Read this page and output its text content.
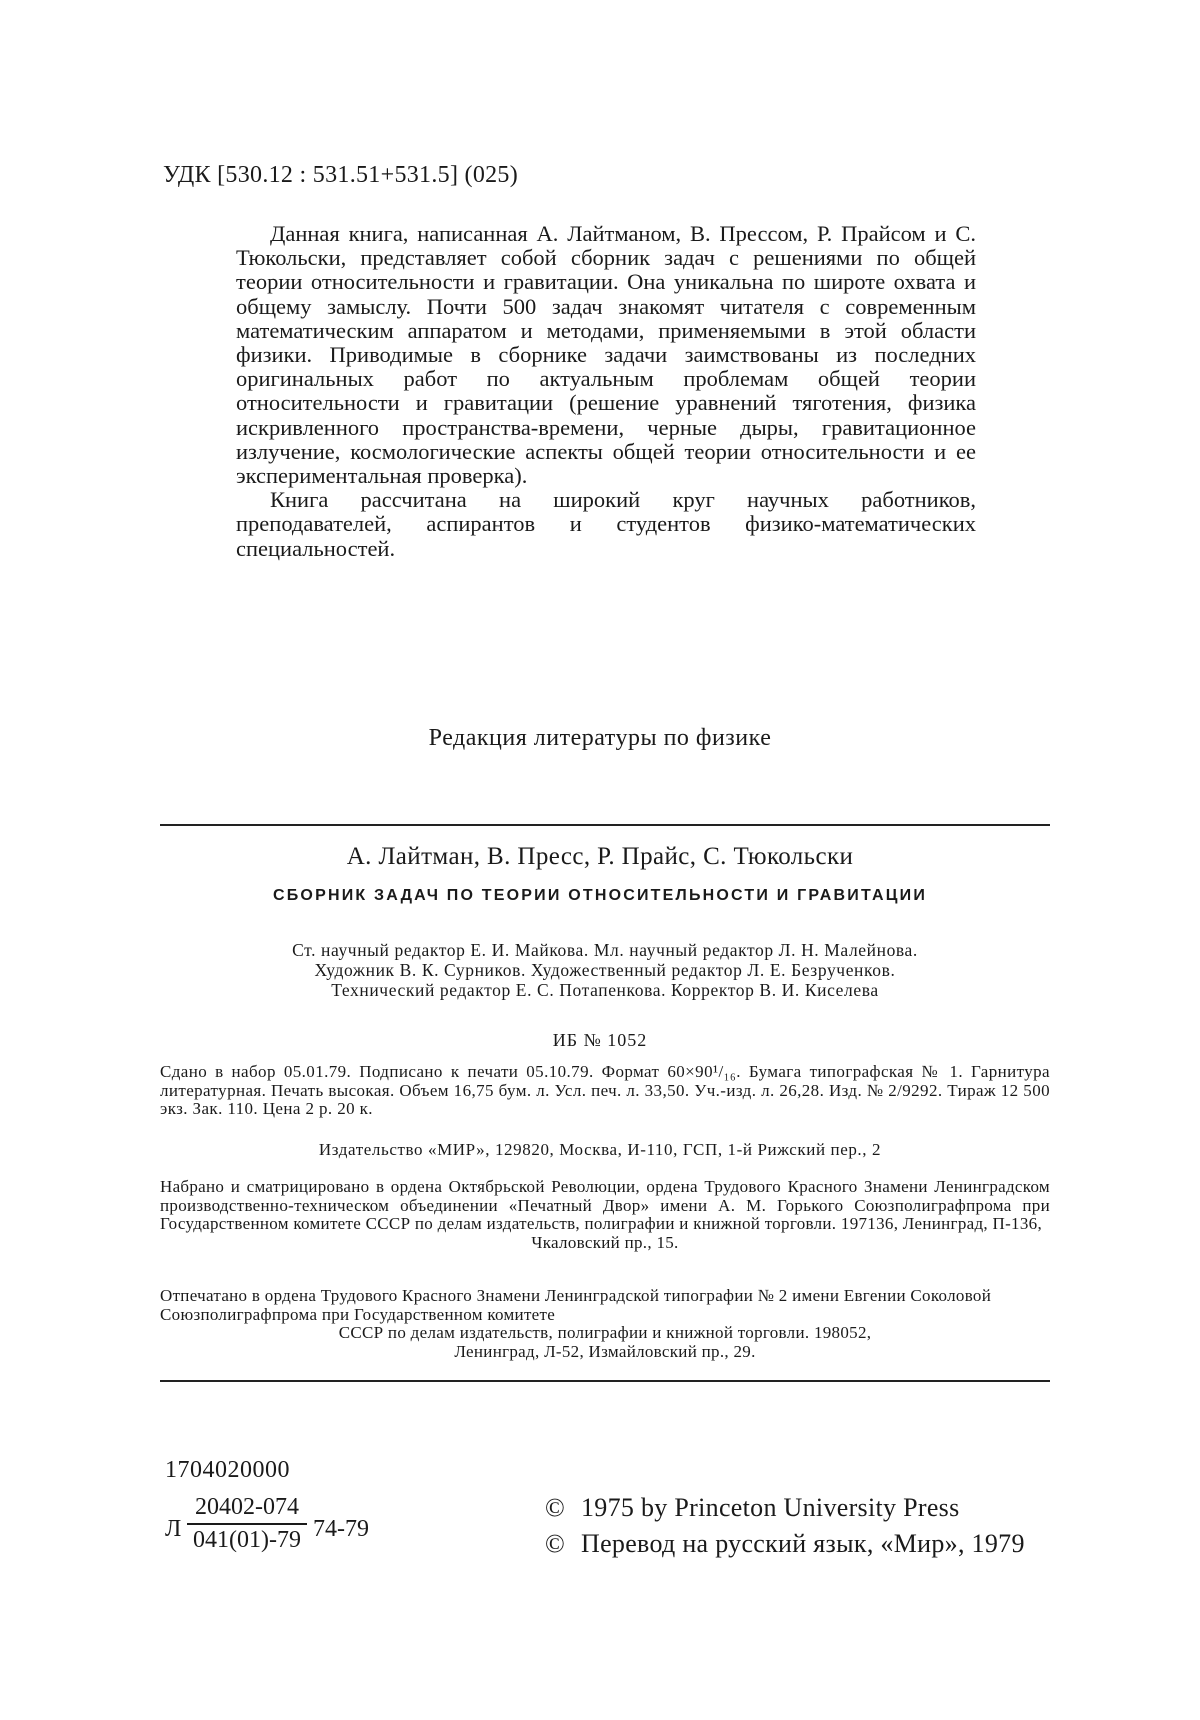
УДК [530.12 : 531.51+531.5] (025)

Данная книга, написанная А. Лайтманом, В. Прессом, Р. Прайсом и С. Тюкольски, представляет собой сборник задач с решениями по общей теории относительности и гравитации. Она уникальна по широте охвата и общему замыслу. Почти 500 задач знакомят читателя с современным математическим аппаратом и методами, применяемыми в этой области физики. Приводимые в сборнике задачи заимствованы из последних оригинальных работ по актуальным проблемам общей теории относительности и гравитации (решение уравнений тяготения, физика искривленного пространства-времени, черные дыры, гравитационное излучение, космологические аспекты общей теории относительности и ее экспериментальная проверка).

Книга рассчитана на широкий круг научных работников, преподавателей, аспирантов и студентов физико-математических специальностей.

Редакция литературы по физике
А. Лайтман, В. Пресс, Р. Прайс, С. Тюкольски
СБОРНИК ЗАДАЧ ПО ТЕОРИИ ОТНОСИТЕЛЬНОСТИ И ГРАВИТАЦИИ
Ст. научный редактор Е. И. Майкова. Мл. научный редактор Л. Н. Малейнова.
Художник В. К. Сурников. Художественный редактор Л. Е. Безрученков.
Технический редактор Е. С. Потапенкова. Корректор В. И. Киселева
ИБ № 1052
Сдано в набор 05.01.79. Подписано к печати 05.10.79. Формат 60×90¹/₁₆. Бумага типографская № 1. Гарнитура литературная. Печать высокая. Объем 16,75 бум. л. Усл. печ. л. 33,50. Уч.-изд. л. 26,28. Изд. № 2/9292. Тираж 12 500 экз. Зак. 110. Цена 2 р. 20 к.
Издательство «МИР», 129820, Москва, И-110, ГСП, 1-й Рижский пер., 2
Набрано и сматрицировано в ордена Октябрьской Революции, ордена Трудового Красного Знамени Ленинградском производственно-техническом объединении «Печатный Двор» имени А. М. Горького Союзполиграфпрома при Государственном комитете СССР по делам издательств, полиграфии и книжной торговли. 197136, Ленинград, П-136,
Чкаловский пр., 15.
Отпечатано в ордена Трудового Красного Знамени Ленинградской типографии № 2 имени Евгении Соколовой Союзполиграфпрома при Государственном комитете
СССР по делам издательств, полиграфии и книжной торговли. 198052,
Ленинград, Л-52, Измайловский пр., 29.
1704020000
Л $\frac{20402-074}{041(01)-79} 74-79$
© 1975 by Princeton University Press
© Перевод на русский язык, «Мир», 1979
